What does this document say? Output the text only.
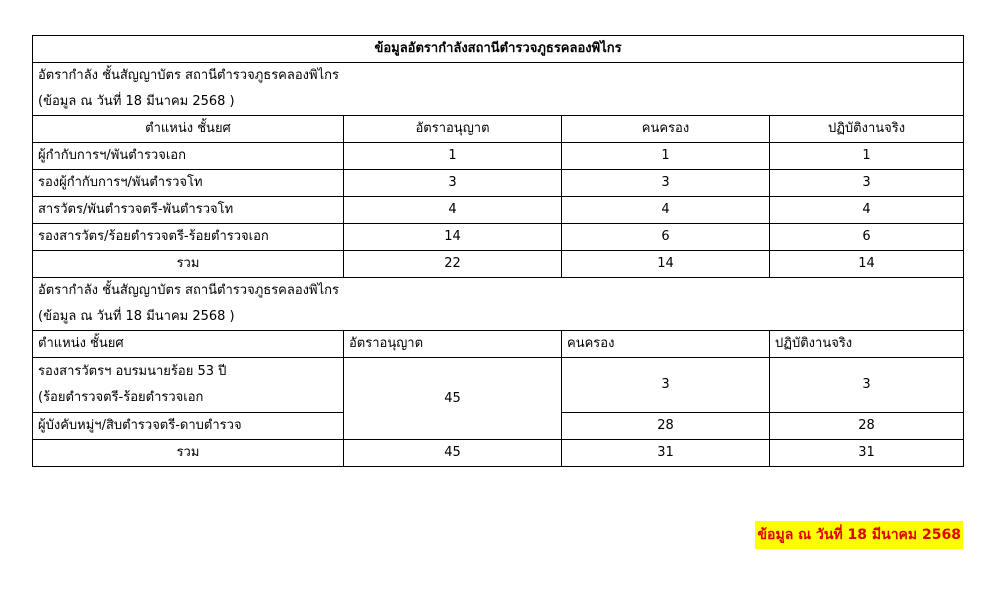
ข้อมูลอัตรากำลังสถานีตำรวจภูธรคลองพิไกร			

อัตรากำลัง ชั้นสัญญาบัตร สถานีตำรวจภูธรคลองพิไกร
(ข้อมูล ณ วันที่ 18 มีนาคม 2568 )			

ตำแหน่ง ชั้นยศ	อัตราอนุญาต	คนครอง	ปฏิบัติงานจริง
ผู้กำกับการฯ/พันตำรวจเอก	1	1	1
รองผู้กำกับการฯ/พันตำรวจโท	3	3	3
สารวัตร/พันตำรวจตรี-พันตำรวจโท	4	4	4
รองสารวัตร/ร้อยตำรวจตรี-ร้อยตำรวจเอก	14	6	6
รวม	22	14	14

อัตรากำลัง ชั้นสัญญาบัตร สถานีตำรวจภูธรคลองพิไกร
(ข้อมูล ณ วันที่ 18 มีนาคม 2568 )			

ตำแหน่ง ชั้นยศ	อัตราอนุญาต	คนครอง	ปฏิบัติงานจริง

รองสารวัตรฯ อบรมนายร้อย 53 ปี
(ร้อยตำรวจตรี-ร้อยตำรวจเอก	45	3	3
ผู้บังคับหมู่ฯ/สิบตำรวจตรี-ดาบตำรวจ		28	28
รวม	45	31	31
ข้อมูล ณ วันที่ 18 มีนาคม 2568
